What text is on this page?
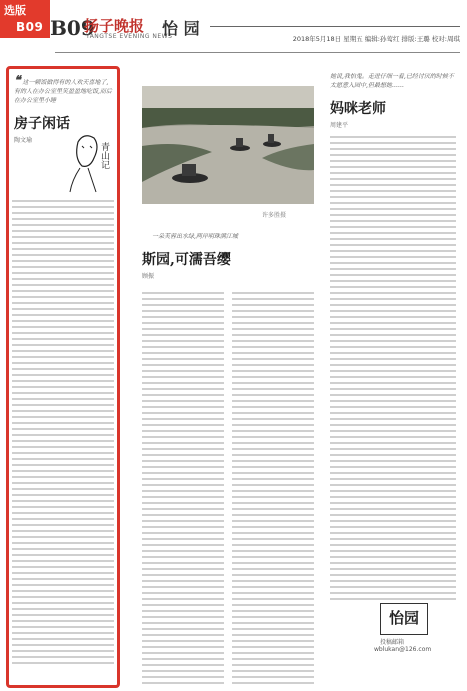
选版
B09 B09
扬子晚报
YANGTSE EVENING NEWS
怡 园
2018年5月18日 星期五 编辑:孙莺红 排版:王璐 校对:周琪
❝ 这一顿饭做得有的人欢天喜地了,有的人在办公室里笑盈盈地吃饭,而后在办公室里小睡
房子闲话
陶文瑜
青山记
许多胜摄
一朵芙蓉出水绿,两岸明珠满江城
斯园,可濡吾缨
顾振
她说,我怕鬼。走进仔细一看,已经讨厌的时候不太愿意入园中,但最想她……
妈咪老师
周建平
怡园
投稿邮箱
wblukan@126.com
